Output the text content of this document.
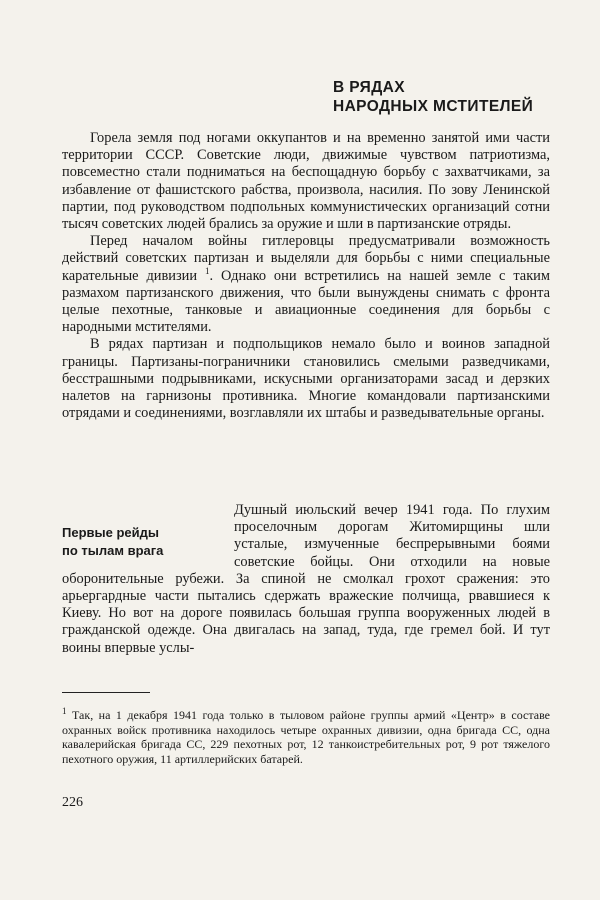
В РЯДАХ
НАРОДНЫХ МСТИТЕЛЕЙ

Горела земля под ногами оккупантов и на временно занятой ими части территории СССР. Советские люди, движимые чувством патриотизма, повсеместно стали подниматься на беспощадную борьбу с захватчиками, за избавление от фашистского рабства, произвола, насилия. По зову Ленинской партии, под руководством подпольных коммунистических организаций сотни тысяч советских людей брались за оружие и шли в партизанские отряды.

Перед началом войны гитлеровцы предусматривали возможность действий советских партизан и выделяли для борьбы с ними специальные карательные дивизии $^1$. Однако они встретились на нашей земле с таким размахом партизанского движения, что были вынуждены снимать с фронта целые пехотные, танковые и авиационные соединения для борьбы с народными мстителями.

В рядах партизан и подпольщиков немало было и воинов западной границы. Партизаны-пограничники становились смелыми разведчиками, бесстрашными подрывниками, искусными организаторами засад и дерзких налетов на гарнизоны противника. Многие командовали партизанскими отрядами и соединениями, возглавляли их штабы и разведывательные органы.

Первые рейды
по тылам врага

Душный июльский вечер 1941 года. По глухим проселочным дорогам Житомирщины шли усталые, измученные беспрерывными боями советские бойцы. Они отходили на новые оборонительные рубежи. За спиной не смолкал грохот сражения: это арьергардные части пытались сдержать вражеские полчища, рвавшиеся к Киеву. Но вот на дороге появилась большая группа вооруженных людей в гражданской одежде. Она двигалась на запад, туда, где гремел бой. И тут воины впервые услы-

$^1$ Так, на 1 декабря 1941 года только в тыловом районе группы армий «Центр» в составе охранных войск противника находилось четыре охранных дивизии, одна бригада СС, одна кавалерийская бригада СС, 229 пехотных рот, 12 танкоистребительных рот, 9 рот тяжелого пехотного оружия, 11 артиллерийских батарей.
226
